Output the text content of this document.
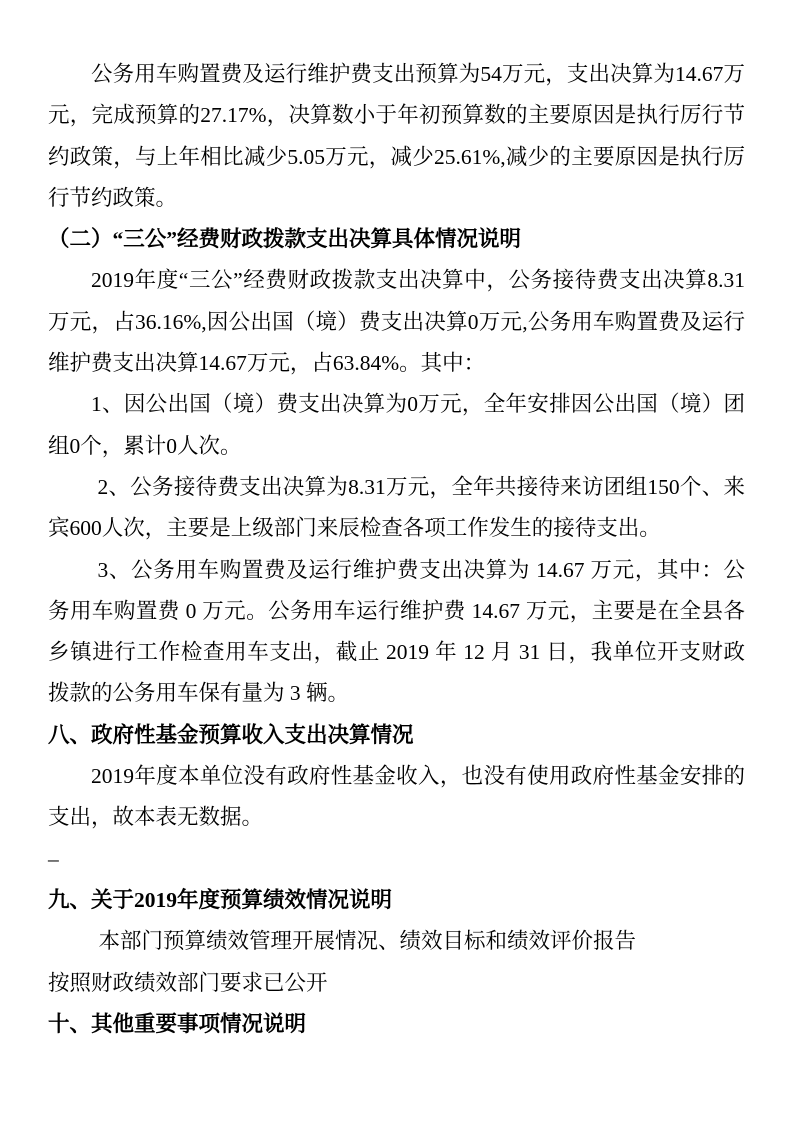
公务用车购置费及运行维护费支出预算为54万元，支出决算为14.67万元，完成预算的27.17%，决算数小于年初预算数的主要原因是执行厉行节约政策，与上年相比减少5.05万元，减少25.61%,减少的主要原因是执行厉行节约政策。

（二）“三公”经费财政拨款支出决算具体情况说明

2019年度“三公”经费财政拨款支出决算中，公务接待费支出决算8.31万元，占36.16%,因公出国（境）费支出决算0万元,公务用车购置费及运行维护费支出决算14.67万元，占63.84%。其中：

1、因公出国（境）费支出决算为0万元，全年安排因公出国（境）团组0个，累计0人次。

2、公务接待费支出决算为8.31万元，全年共接待来访团组150个、来宾600人次，主要是上级部门来辰检查各项工作发生的接待支出。

3、公务用车购置费及运行维护费支出决算为 14.67 万元，其中：公务用车购置费 0 万元。公务用车运行维护费 14.67 万元，主要是在全县各乡镇进行工作检查用车支出，截止 2019 年 12 月 31 日，我单位开支财政拨款的公务用车保有量为 3 辆。

八、政府性基金预算收入支出决算情况

2019年度本单位没有政府性基金收入，也没有使用政府性基金安排的支出，故本表无数据。

–

九、关于2019年度预算绩效情况说明

本部门预算绩效管理开展情况、绩效目标和绩效评价报告

按照财政绩效部门要求已公开

十、其他重要事项情况说明
